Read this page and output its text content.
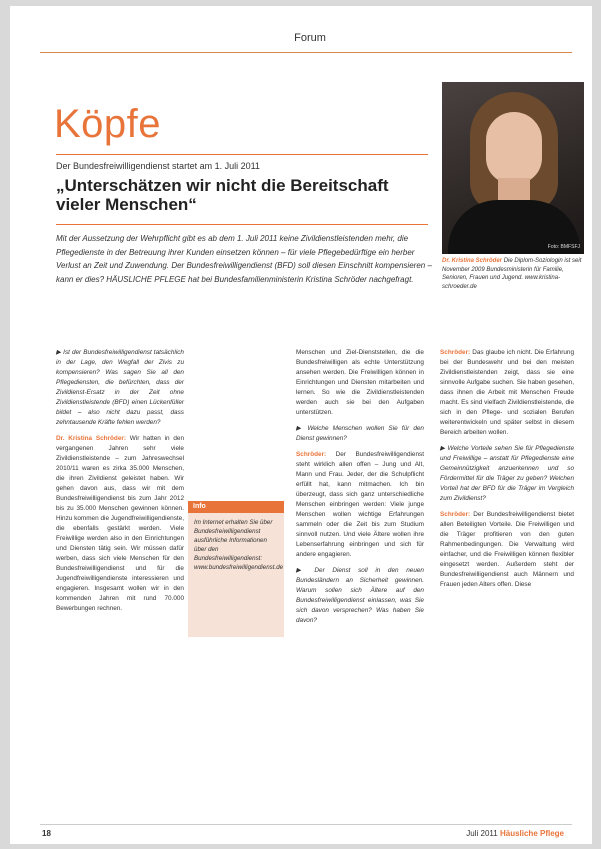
Forum
Köpfe
Der Bundesfreiwilligendienst startet am 1. Juli 2011
„Unterschätzen wir nicht die Bereitschaft vieler Menschen“
Mit der Aussetzung der Wehrpflicht gibt es ab dem 1. Juli 2011 keine Zivildienstleistenden mehr, die Pflegedienste in der Betreuung ihrer Kunden einsetzen können – für viele Pflegebedürftige ein herber Verlust an Zeit und Zuwendung. Der Bundesfreiwilligendienst (BFD) soll diesen Einschnitt kompensieren – kann er dies? HÄUSLICHE PFLEGE hat bei Bundesfamilienministerin Kristina Schröder nachgefragt.
Foto: BMFSFJ
Dr. Kristina Schröder Die Diplom-Soziologin ist seit November 2009 Bundesministerin für Familie, Senioren, Frauen und Jugend. www.kristina-schroeder.de

▶ Ist der Bundesfreiwilligendienst tatsächlich in der Lage, den Wegfall der Zivis zu kompensieren? Was sagen Sie all den Pflegediensten, die befürchten, dass der Zivildienst-Ersatz in der Zeit ohne Zivildienstleistende (BFD) einen Lückenfüller bildet – also nicht dazu passt, dass zehntausende Kräfte fehlen werden?

Dr. Kristina Schröder: Wir hatten in den vergangenen Jahren sehr viele Zivildienstleistende – zum Jahreswechsel 2010/11 waren es zirka 35.000 Menschen, die ihren Zivildienst geleistet haben. Wir gehen davon aus, dass wir mit dem Bundesfreiwilligendienst bis zum Jahr 2012 bis zu 35.000 Menschen gewinnen können. Hinzu kommen die Jugendfreiwilligendienste, die ebenfalls gestärkt werden. Viele Freiwillige werden also in den Einrichtungen und Diensten tätig sein. Wir müssen dafür werben, dass sich viele Menschen für den Bundesfreiwilligendienst und für die Jugendfreiwilligendienste interessieren und engagieren. Insgesamt wollen wir in den kommenden Jahren mit rund 70.000 Bewerbungen rechnen.

Info
Im Internet erhalten Sie über Bundesfreiwilligendienst ausführliche Informationen über den Bundesfreiwilligendienst: www.bundesfreiwilligendienst.de

Menschen und Ziel-Dienststellen, die die Bundesfreiwilligen als echte Unterstützung ansehen werden. Die Freiwilligen können in Einrichtungen und Diensten mitarbeiten und lernen. So wie die Zivildienstleistenden werden auch sie bei den Aufgaben unterstützen.

▶ Welche Menschen wollen Sie für den Dienst gewinnen?

Schröder: Der Bundesfreiwilligendienst steht wirklich allen offen – Jung und Alt, Mann und Frau. Jeder, der die Schulpflicht erfüllt hat, kann mitmachen. Ich bin überzeugt, dass sich ganz unterschiedliche Menschen einbringen werden: Viele junge Menschen wollen wichtige Erfahrungen sammeln oder die Zeit bis zum Studium sinnvoll nutzen. Und viele Ältere wollen ihre Lebenserfahrung einbringen und sich für andere engagieren.

▶ Der Dienst soll in den neuen Bundesländern an Sicherheit gewinnen. Warum sollen sich Ältere auf den Bundesfreiwilligendienst einlassen, was Sie sich davon versprechen? Was haben Sie davon?

Schröder: Das glaube ich nicht. Die Erfahrung bei der Bundeswehr und bei den meisten Zivildienstleistenden zeigt, dass sie eine sinnvolle Aufgabe suchen. Sie haben gesehen, dass ihnen die Arbeit mit Menschen Freude macht. Es sind vielfach Zivildienstleistende, die sich in den Pflege- und sozialen Berufen weiterentwickeln und später selbst in diesem Bereich arbeiten wollen.

▶ Welche Vorteile sehen Sie für Pflegedienste und Freiwillige – anstatt für Pflegedienste eine Gemeinnützigkeit anzuerkennen und so Fördermittel für die Träger zu geben? Welchen Vorteil hat der BFD für die Träger im Vergleich zum Zivildienst?

Schröder: Der Bundesfreiwilligendienst bietet allen Beteiligten Vorteile. Die Freiwilligen und die Träger profitieren von den guten Rahmenbedingungen. Die Verwaltung wird einfacher, und die Freiwilligen können flexibler eingesetzt werden. Außerdem steht der Bundesfreiwilligendienst auch Männern und Frauen jeden Alters offen. Diese

18	Juli 2011 Häusliche Pflege
